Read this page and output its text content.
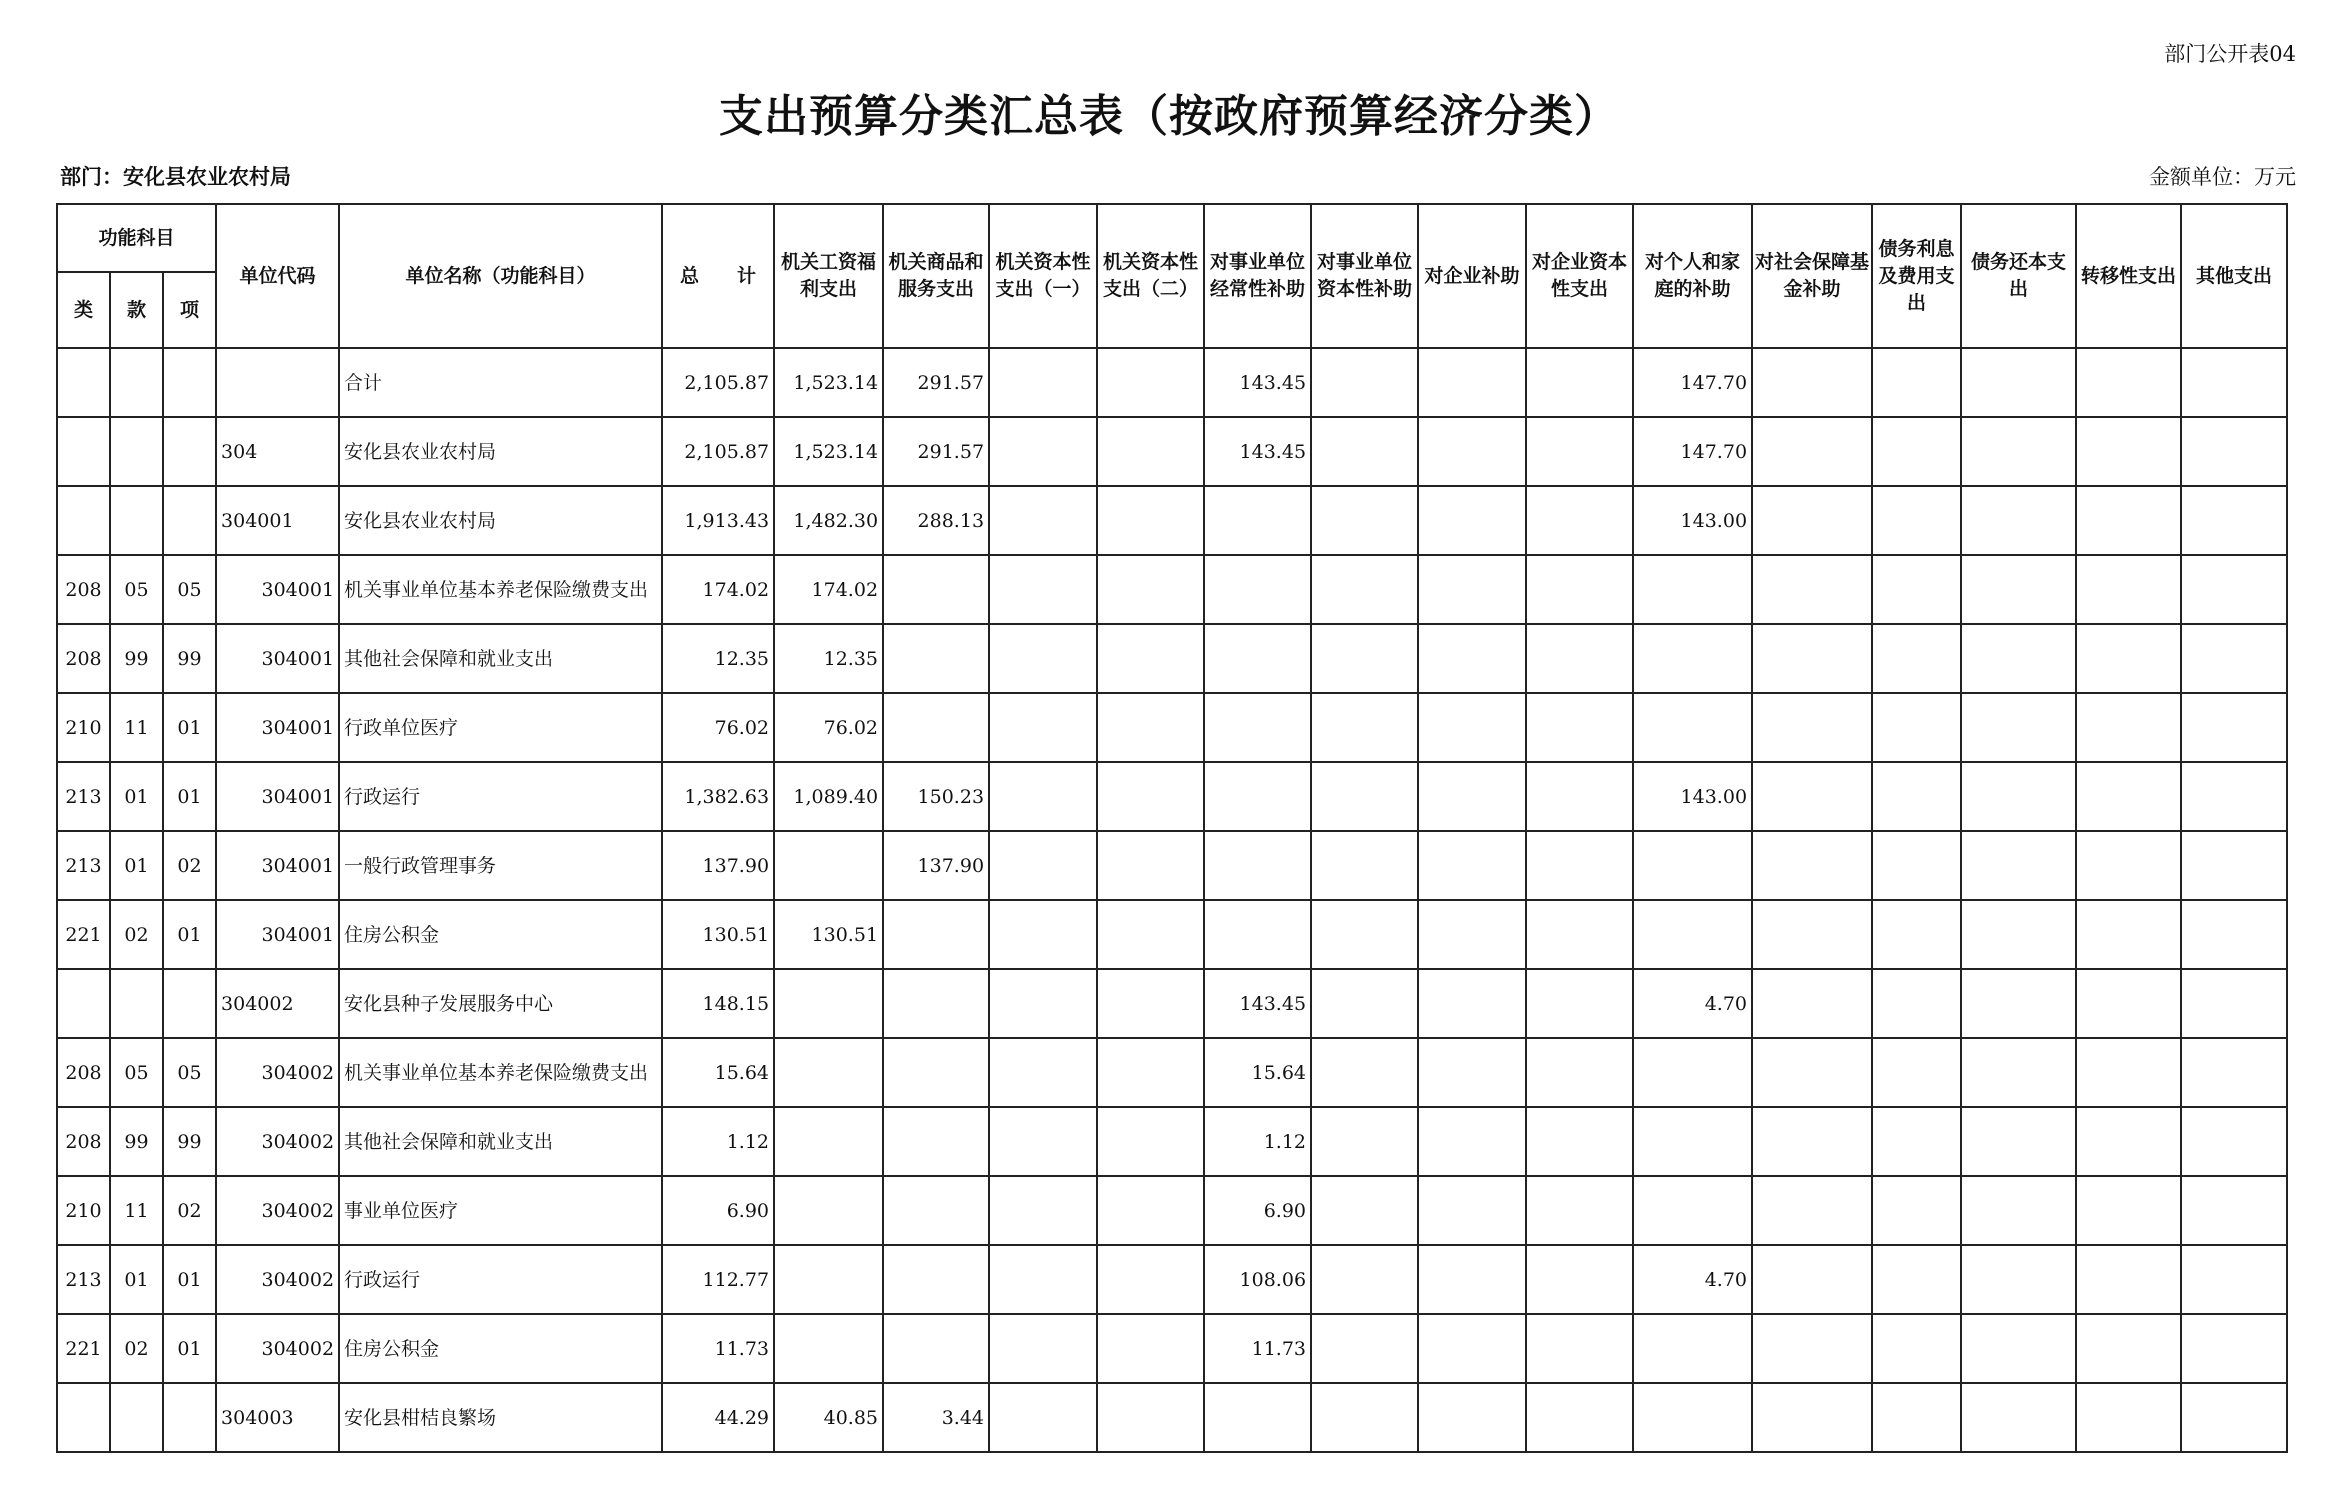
部门公开表04
支出预算分类汇总表（按政府预算经济分类）
部门：安化县农业农村局	金额单位：万元
功能科目			单位代码	单位名称（功能科目）	总　　计	机关工资福利支出	机关商品和服务支出	机关资本性支出（一）	机关资本性支出（二）	对事业单位经常性补助	对事业单位资本性补助	对企业补助	对企业资本性支出	对个人和家庭的补助	对社会保障基金补助	债务利息及费用支出	债务还本支出	转移性支出	其他支出
类	款	项																	
				合计	2,105.87	1,523.14	291.57			143.45				147.70					
			304	安化县农业农村局	2,105.87	1,523.14	291.57			143.45				147.70					
			304001	安化县农业农村局	1,913.43	1,482.30	288.13							143.00					
208	05	05	304001	机关事业单位基本养老保险缴费支出	174.02	174.02													
208	99	99	304001	其他社会保障和就业支出	12.35	12.35													
210	11	01	304001	行政单位医疗	76.02	76.02													
213	01	01	304001	行政运行	1,382.63	1,089.40	150.23							143.00					
213	01	02	304001	一般行政管理事务	137.90		137.90												
221	02	01	304001	住房公积金	130.51	130.51													
			304002	安化县种子发展服务中心	148.15					143.45				4.70					
208	05	05	304002	机关事业单位基本养老保险缴费支出	15.64					15.64									
208	99	99	304002	其他社会保障和就业支出	1.12					1.12									
210	11	02	304002	事业单位医疗	6.90					6.90									
213	01	01	304002	行政运行	112.77					108.06				4.70					
221	02	01	304002	住房公积金	11.73					11.73									
			304003	安化县柑桔良繁场	44.29	40.85	3.44												
